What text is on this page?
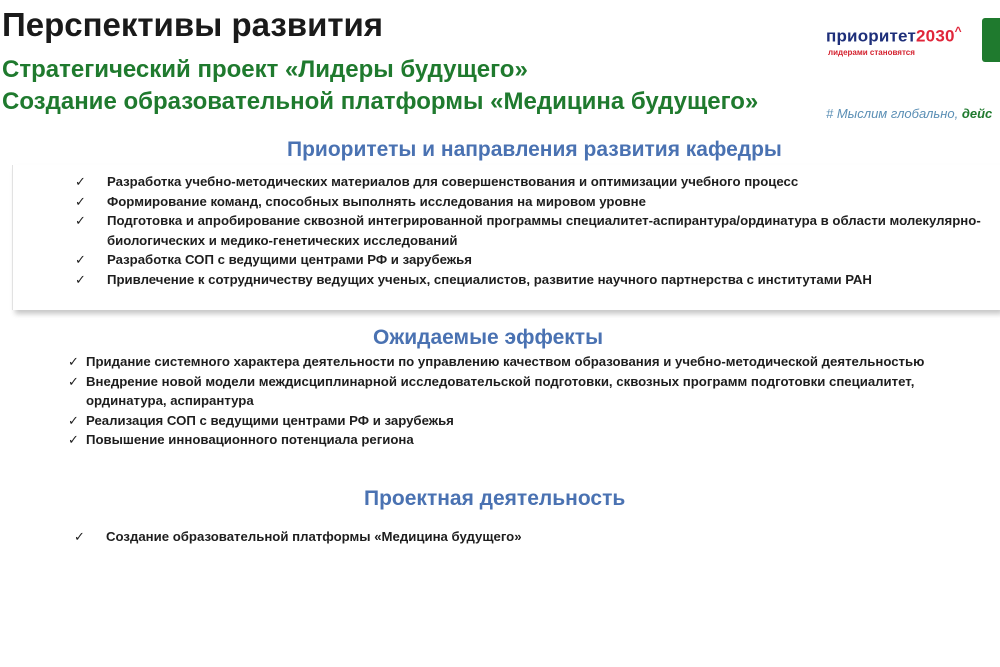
Перспективы развития
Стратегический проект «Лидеры будущего»
Создание образовательной платформы «Медицина будущего»
приоритет2030^
лидерами становятся
# Мыслим глобально, дейс
Приоритеты и направления развития кафедры
✓ Разработка учебно-методических материалов для совершенствования и оптимизации учебного процесс
✓ Формирование команд, способных выполнять исследования на мировом уровне
✓ Подготовка и апробирование сквозной интегрированной программы специалитет-аспирантура/ординатура в области молекулярно-биологических и медико-генетических исследований
✓ Разработка СОП с ведущими центрами РФ и зарубежья
✓ Привлечение к сотрудничеству ведущих ученых, специалистов, развитие научного партнерства с институтами РАН
Ожидаемые эффекты
✓ Придание системного характера деятельности по управлению качеством образования и учебно-методической деятельностью
✓ Внедрение новой модели междисциплинарной исследовательской подготовки, сквозных программ подготовки специалитет, ординатура, аспирантура
✓ Реализация СОП с ведущими центрами РФ и зарубежья
✓ Повышение инновационного потенциала региона
Проектная деятельность
✓ Создание образовательной платформы «Медицина будущего»
